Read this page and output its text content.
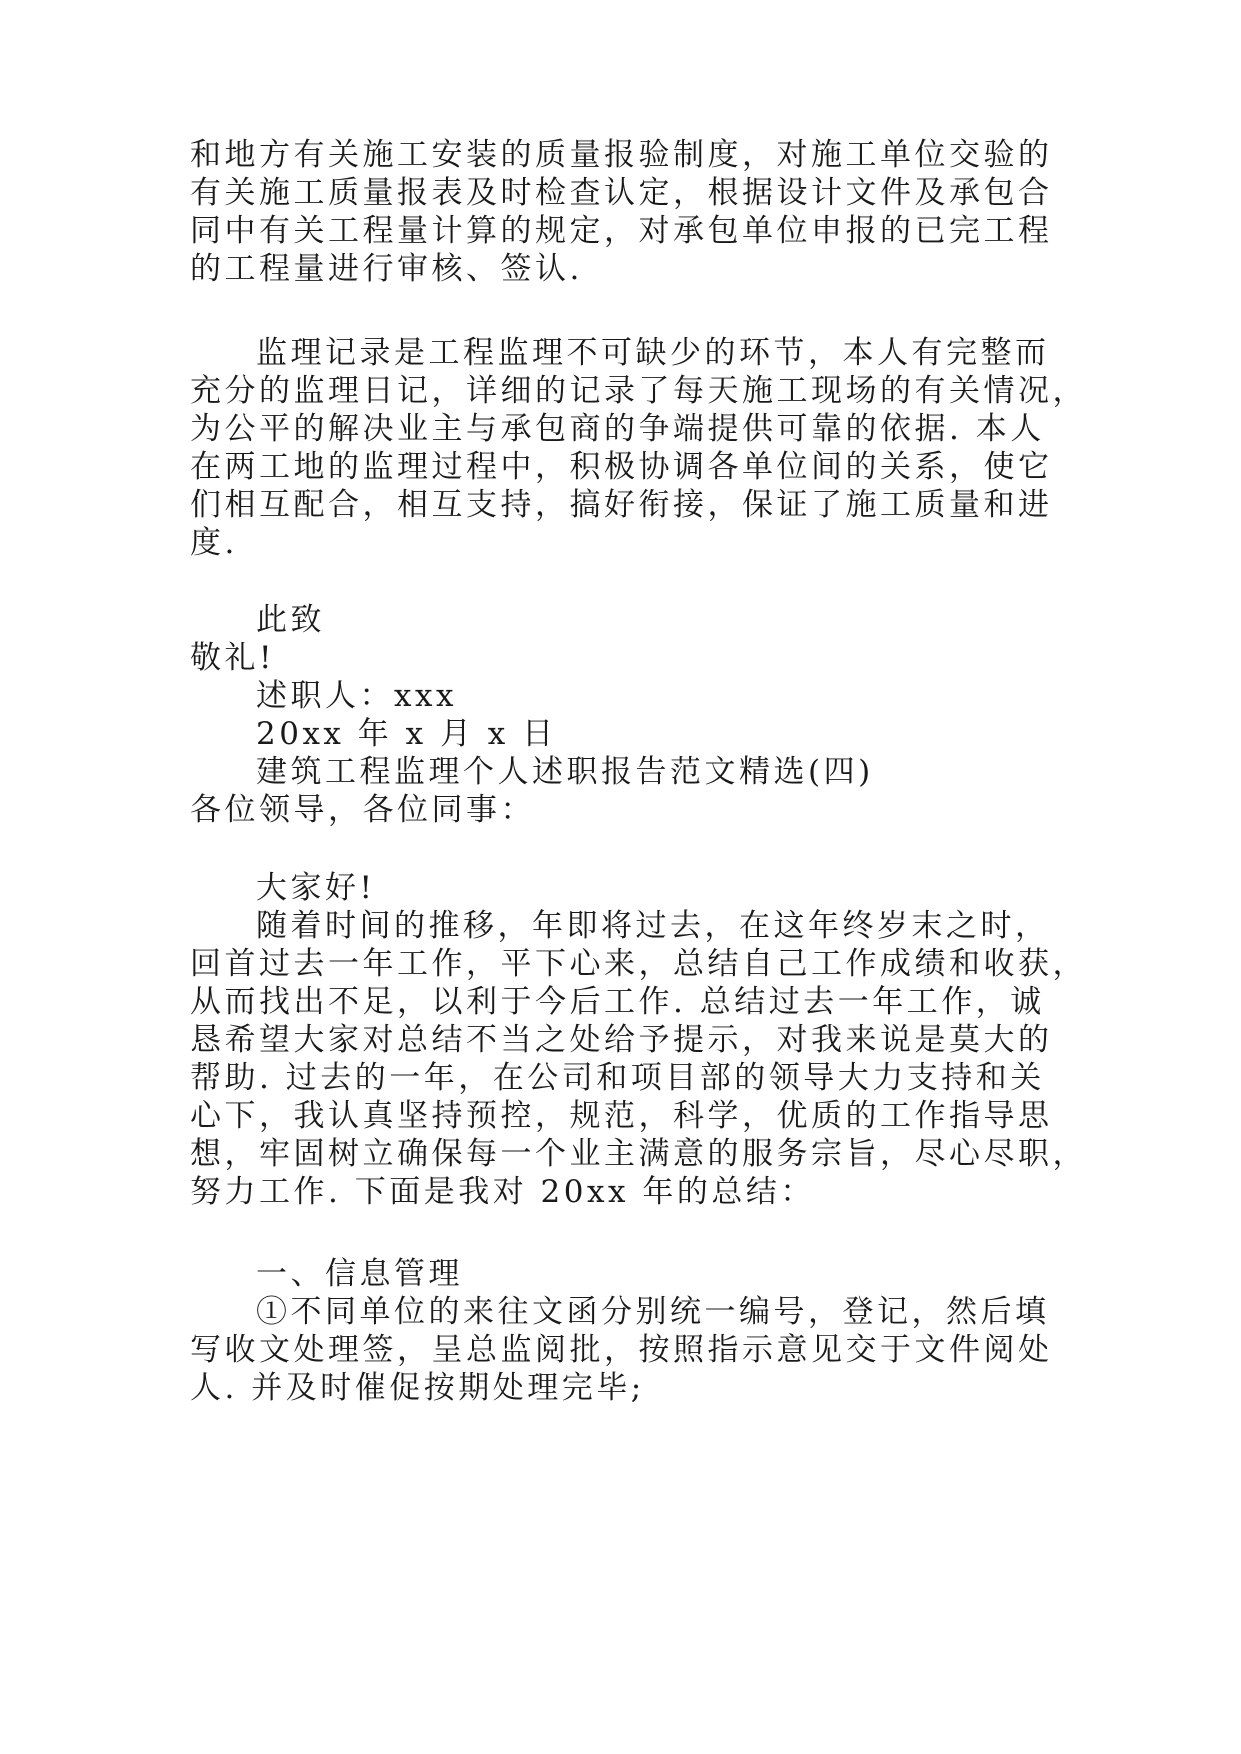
和地方有关施工安装的质量报验制度，对施工单位交验的
有关施工质量报表及时检查认定，根据设计文件及承包合
同中有关工程量计算的规定，对承包单位申报的已完工程
的工程量进行审核、签认.
监理记录是工程监理不可缺少的环节，本人有完整而
充分的监理日记，详细的记录了每天施工现场的有关情况，
为公平的解决业主与承包商的争端提供可靠的依据. 本人
在两工地的监理过程中，积极协调各单位间的关系，使它
们相互配合，相互支持，搞好衔接，保证了施工质量和进
度.
此致
敬礼!
述职人：xxx
20xx 年 x 月 x 日
建筑工程监理个人述职报告范文精选(四)
各位领导，各位同事：
大家好!
随着时间的推移，年即将过去，在这年终岁末之时，
回首过去一年工作，平下心来，总结自己工作成绩和收获，
从而找出不足，以利于今后工作. 总结过去一年工作，诚
恳希望大家对总结不当之处给予提示，对我来说是莫大的
帮助. 过去的一年，在公司和项目部的领导大力支持和关
心下，我认真坚持预控，规范，科学，优质的工作指导思
想，牢固树立确保每一个业主满意的服务宗旨，尽心尽职，
努力工作. 下面是我对 20xx 年的总结：
一、信息管理
①不同单位的来往文函分别统一编号，登记，然后填
写收文处理签，呈总监阅批，按照指示意见交于文件阅处
人. 并及时催促按期处理完毕;
